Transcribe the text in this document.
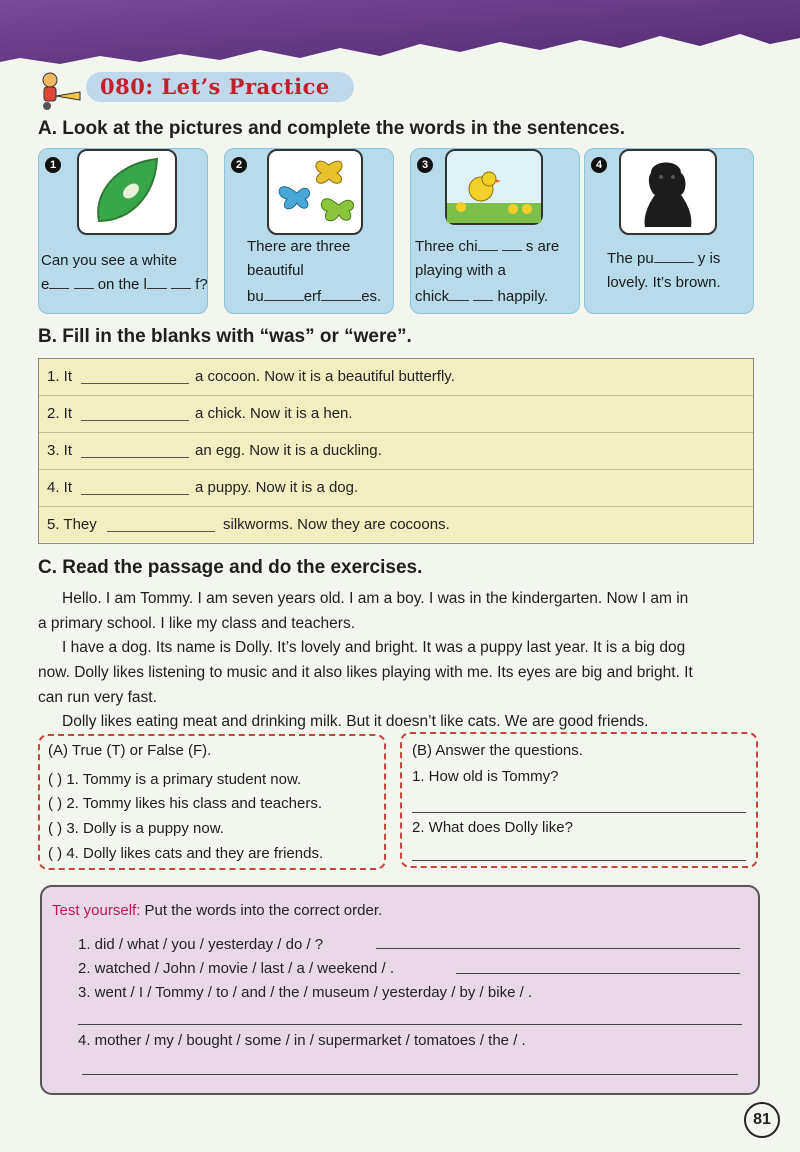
080: Let’s Practice
A. Look at the pictures and complete the words in the sentences.
1
Can you see a white
e	on the l	f?
2
There are three
beautiful
bu	erf	es.
3
Three chi	s are
playing with a
chick	happily.
4
The pu	y is
lovely. It’s brown.
B. Fill in the blanks with “was” or “were”.
1. It	a cocoon. Now it is a beautiful butterfly.
2. It	a chick. Now it is a hen.
3. It	an egg. Now it is a duckling.
4. It	a puppy. Now it is a dog.
5. They	silkworms. Now they are cocoons.
C. Read the passage and do the exercises.
Hello. I am Tommy. I am seven years old. I am a boy. I was in the kindergarten. Now I am in
a primary school. I like my class and teachers.
I have a dog. Its name is Dolly. It’s lovely and bright. It was a puppy last year. It is a big dog
now. Dolly likes listening to music and it also likes playing with me. Its eyes are big and bright. It
can run very fast.
Dolly likes eating meat and drinking milk. But it doesn’t like cats. We are good friends.
(A) True (T) or False (F).
( ) 1. Tommy is a primary student now.
( ) 2. Tommy likes his class and teachers.
( ) 3. Dolly is a puppy now.
( ) 4. Dolly likes cats and they are friends.
(B) Answer the questions.
1. How old is Tommy?
2. What does Dolly like?
Test yourself: Put the words into the correct order.
1. did / what / you / yesterday / do / ?
2. watched / John / movie / last / a / weekend / .
3. went / I / Tommy / to / and / the / museum / yesterday / by / bike / .
4. mother / my / bought / some / in / supermarket / tomatoes / the / .
81
